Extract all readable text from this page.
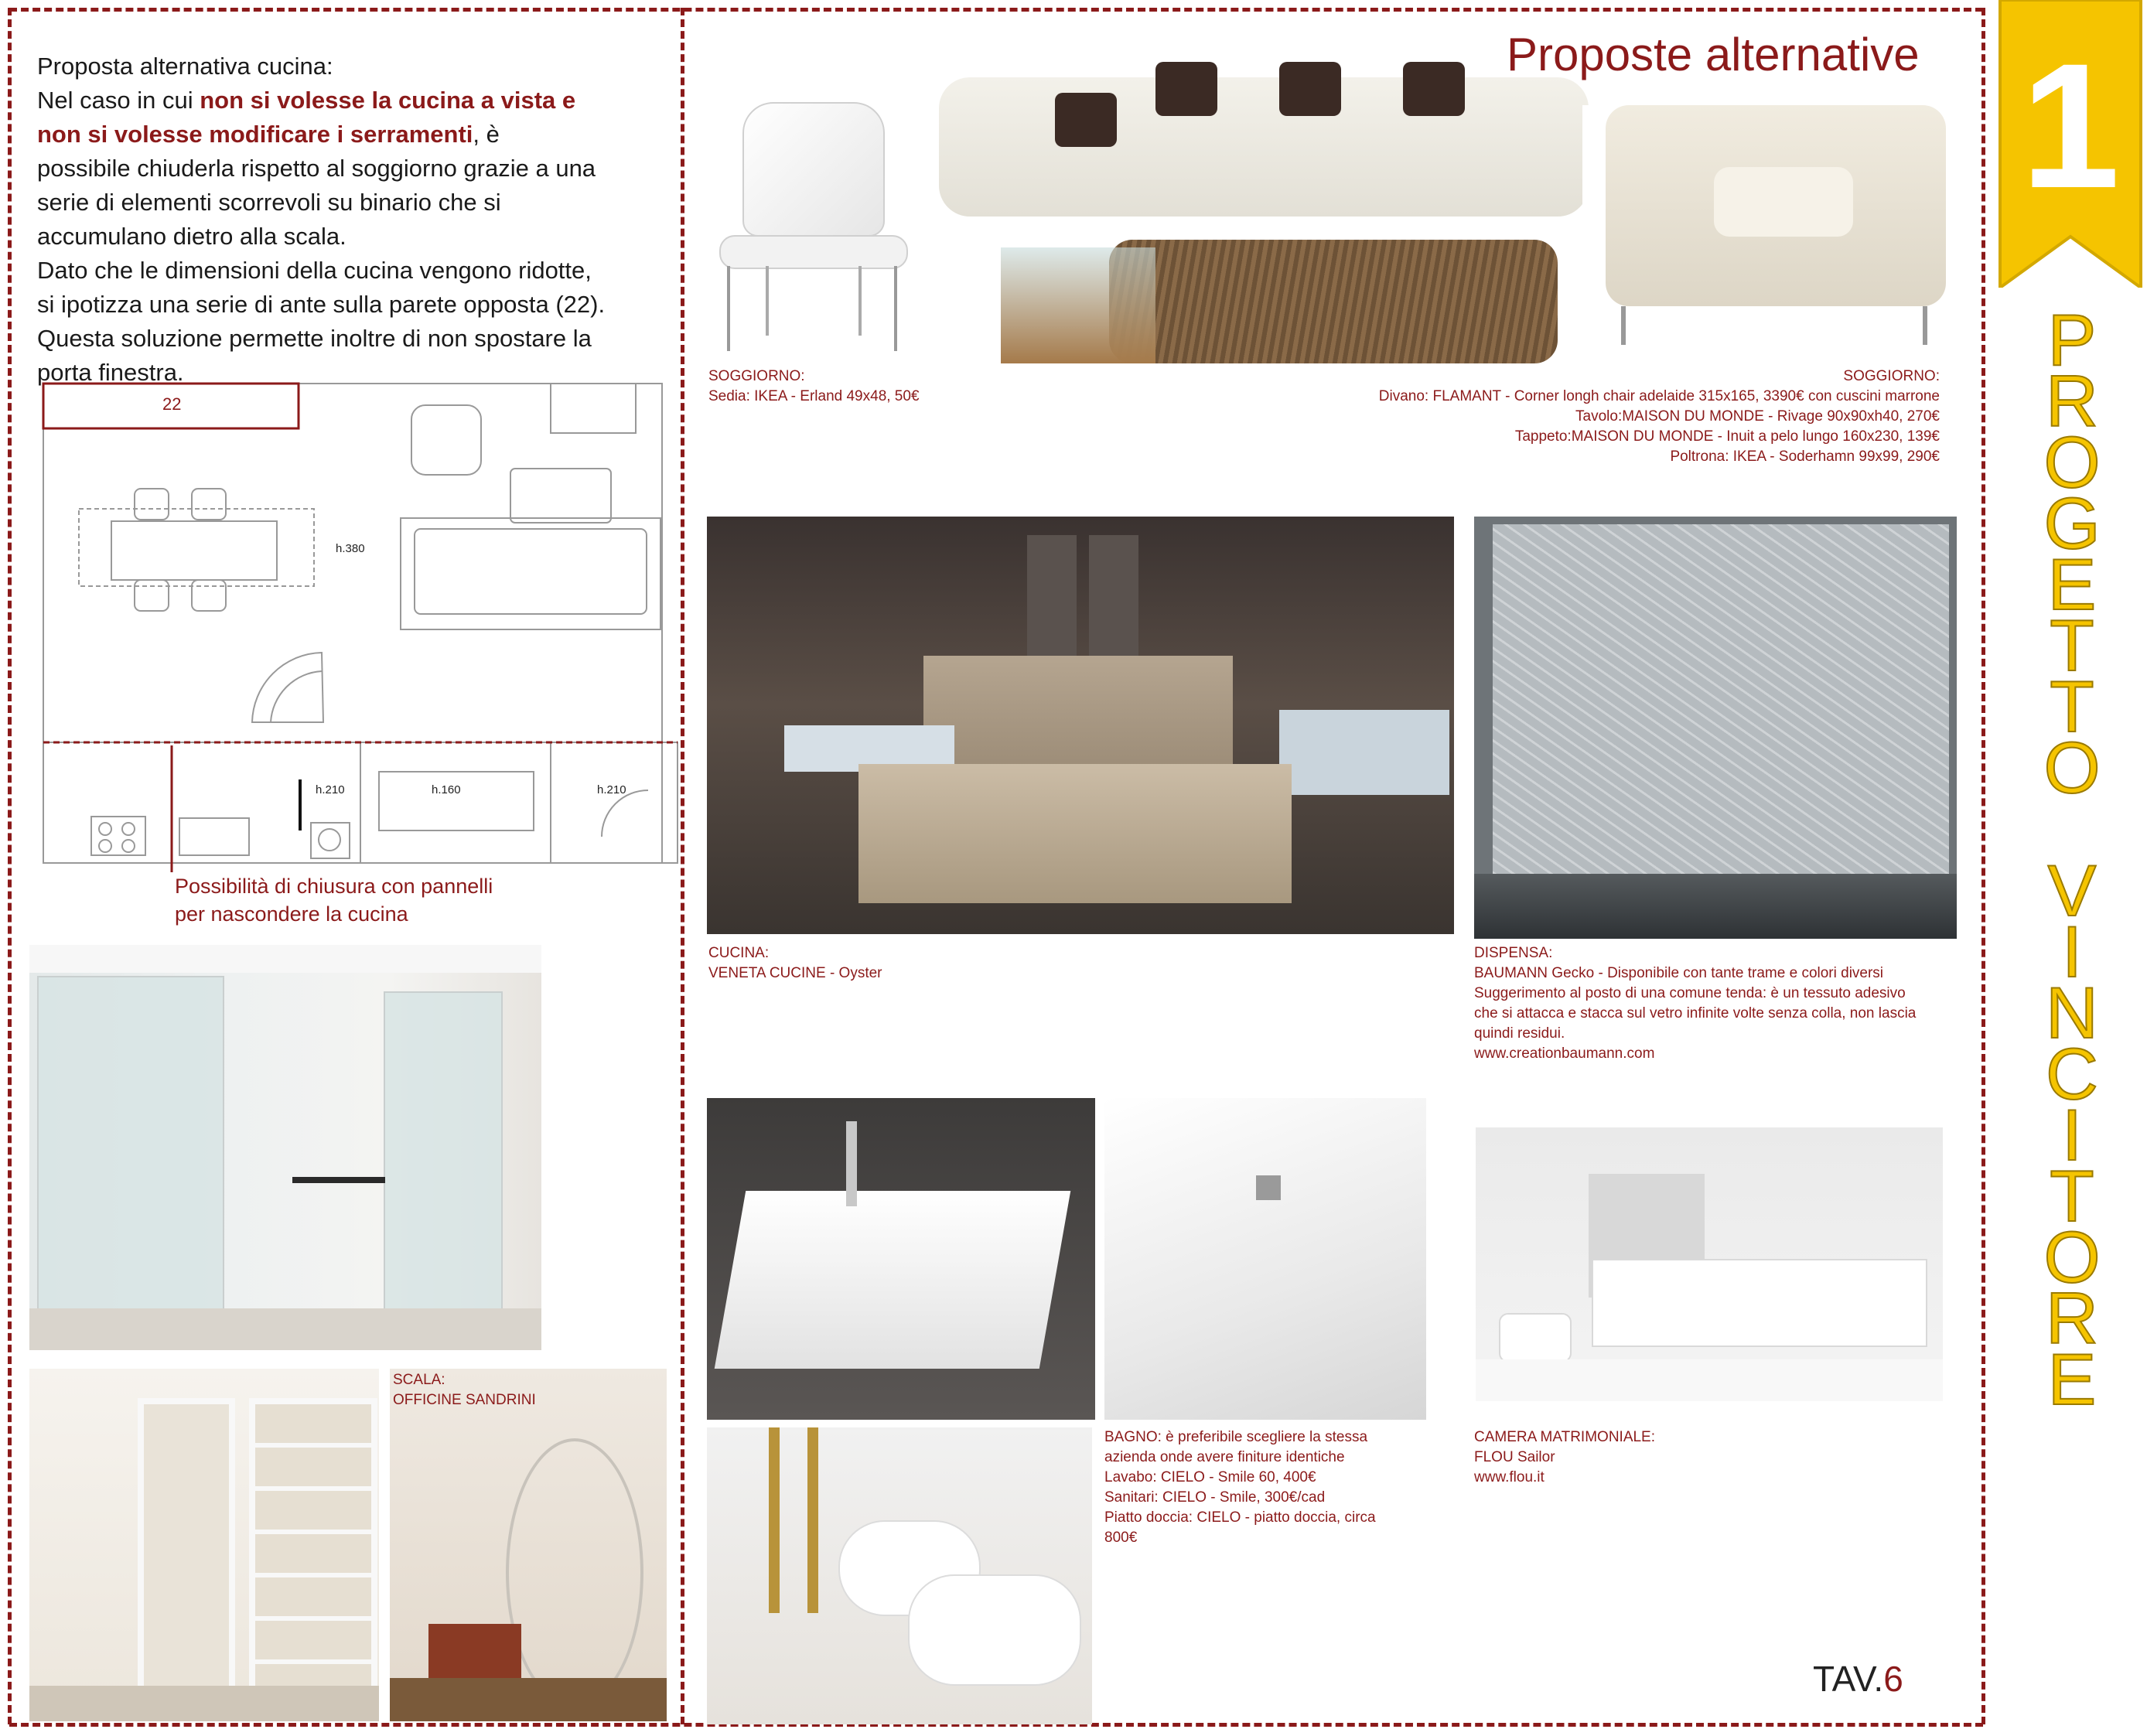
Proposta alternativa cucina:
Nel caso in cui non si volesse la cucina a vista e
non si volesse modificare i serramenti, è
possibile chiuderla rispetto al soggiorno grazie a una
serie di elementi scorrevoli su binario che si
accumulano dietro alla scala.
Dato che le dimensioni della cucina vengono ridotte,
si ipotizza una serie di ante sulla parete opposta (22).
Questa soluzione permette inoltre di non spostare la
porta finestra.
22
h.380
h.210	h.160	h.210
Possibilità di chiusura con pannelli
per nascondere la cucina
Proposte alternative
SOGGIORNO:
Sedia: IKEA - Erland 49x48, 50€
SOGGIORNO:
Divano: FLAMANT - Corner longh chair adelaide 315x165, 3390€ con cuscini marrone
Tavolo:MAISON DU MONDE - Rivage 90x90xh40, 270€
Tappeto:MAISON DU MONDE - Inuit a pelo lungo 160x230, 139€
Poltrona: IKEA - Soderhamn 99x99, 290€
CUCINA:
VENETA CUCINE - Oyster
DISPENSA:
BAUMANN Gecko - Disponibile con tante trame e colori diversi
Suggerimento al posto di una comune tenda: è un tessuto adesivo
che si attacca e stacca sul vetro infinite volte senza colla, non lascia
quindi residui.
www.creationbaumann.com
SCALA:
OFFICINE SANDRINI
BAGNO: è preferibile scegliere la stessa
azienda onde avere finiture identiche
Lavabo: CIELO - Smile 60, 400€
Sanitari: CIELO - Smile, 300€/cad
Piatto doccia: CIELO - piatto doccia, circa
800€
CAMERA MATRIMONIALE:
FLOU Sailor
www.flou.it
TAV.6
1
P
R
O
G
E
T
T
O
V
I
N
C
I
T
O
R
E
